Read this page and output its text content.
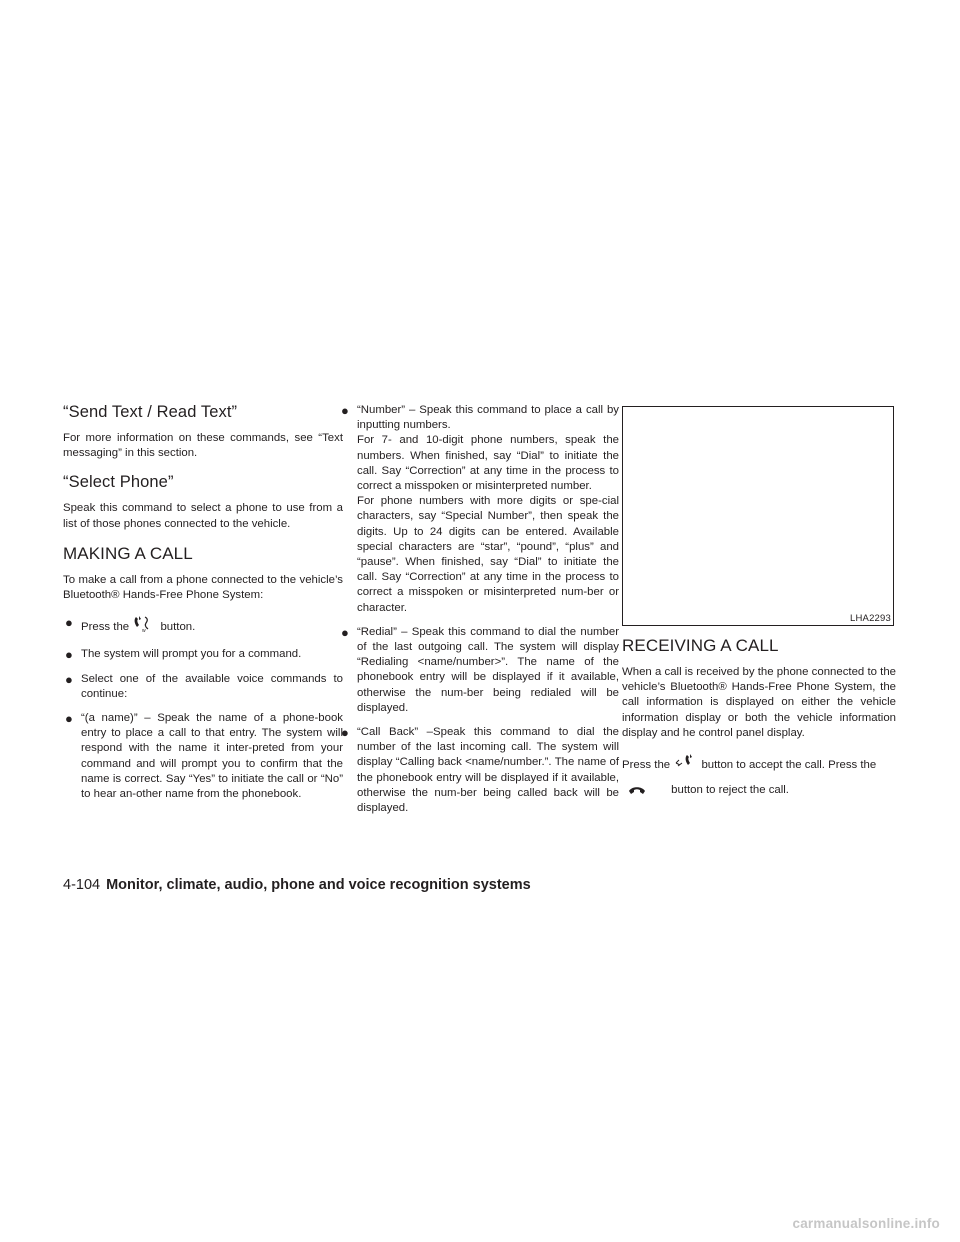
“Send Text / Read Text”

For more information on these commands, see “Text messaging” in this section.

“Select Phone”

Speak this command to select a phone to use from a list of those phones connected to the vehicle.

MAKING A CALL

To make a call from a phone connected to the vehicle’s Bluetooth® Hands-Free Phone System:

● Press the	w button.
● The system will prompt you for a command.
● Select one of the available voice commands to continue:
● “(a name)” – Speak the name of a phone-book entry to place a call to that entry. The system will respond with the name it inter-preted from your command and will prompt you to confirm that the name is correct. Say “Yes” to initiate the call or “No” to hear an-other name from the phonebook.
● “Number” – Speak this command to place a call by inputting numbers.
For 7- and 10-digit phone numbers, speak the numbers. When finished, say “Dial” to initiate the call. Say “Correction” at any time in the process to correct a misspoken or misinterpreted number.
For phone numbers with more digits or spe-cial characters, say “Special Number”, then speak the digits. Up to 24 digits can be entered. Available special characters are “star”, “pound”, “plus” and “pause”. When finished, say “Dial” to initiate the call. Say “Correction” at any time in the process to correct a misspoken or misinterpreted num-ber or character.
● “Redial” – Speak this command to dial the number of the last outgoing call. The system will display “Redialing <name/number>”. The name of the phonebook entry will be displayed if it available, otherwise the num-ber being redialed will be displayed.
● “Call Back” –Speak this command to dial the number of the last incoming call. The system will display “Calling back <name/number.”. The name of the phonebook entry will be displayed if it available, otherwise the num-ber being called back will be displayed.
LHA2293
RECEIVING A CALL

When a call is received by the phone connected to the vehicle’s Bluetooth® Hands-Free Phone System, the call information is displayed on either the vehicle information display or both the vehicle information display and he control panel display.

Press the	button to accept the call. Press the  button to reject the call.

4-104 Monitor, climate, audio, phone and voice recognition systems
carmanualsonline.info
